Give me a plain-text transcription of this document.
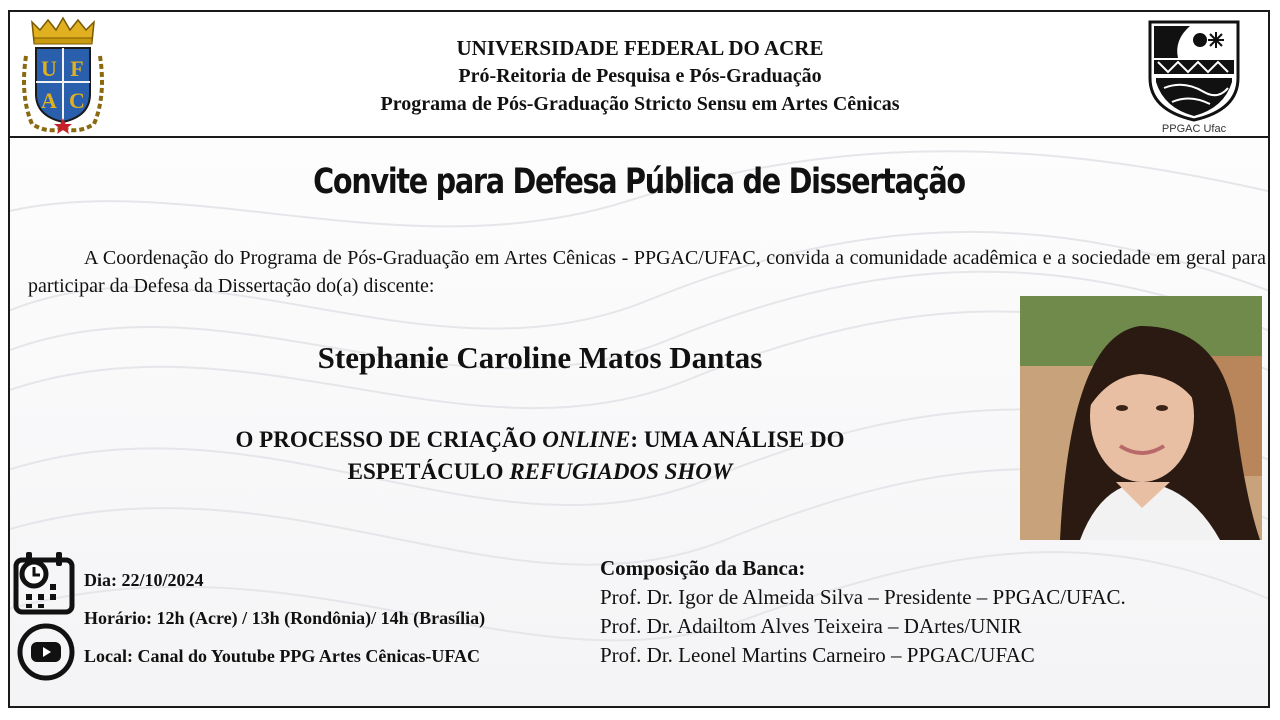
U F
A C
UNIVERSIDADE FEDERAL DO ACRE
Pró-Reitoria de Pesquisa e Pós-Graduação
Programa de Pós-Graduação Stricto Sensu em Artes Cênicas
PPGAC Ufac
Convite para Defesa Pública de Dissertação
A Coordenação do Programa de Pós-Graduação em Artes Cênicas - PPGAC/UFAC, convida a comunidade acadêmica e a sociedade em geral para participar da Defesa da Dissertação do(a) discente:
Stephanie Caroline Matos Dantas
O PROCESSO DE CRIAÇÃO ONLINE: UMA ANÁLISE DO
ESPETÁCULO REFUGIADOS SHOW
Dia: 22/10/2024
Horário: 12h (Acre) / 13h (Rondônia)/ 14h (Brasília)
Local: Canal do Youtube PPG Artes Cênicas-UFAC
Composição da Banca:
Prof. Dr. Igor de Almeida Silva – Presidente – PPGAC/UFAC.
Prof. Dr. Adailtom Alves Teixeira – DArtes/UNIR
Prof. Dr. Leonel Martins Carneiro – PPGAC/UFAC
